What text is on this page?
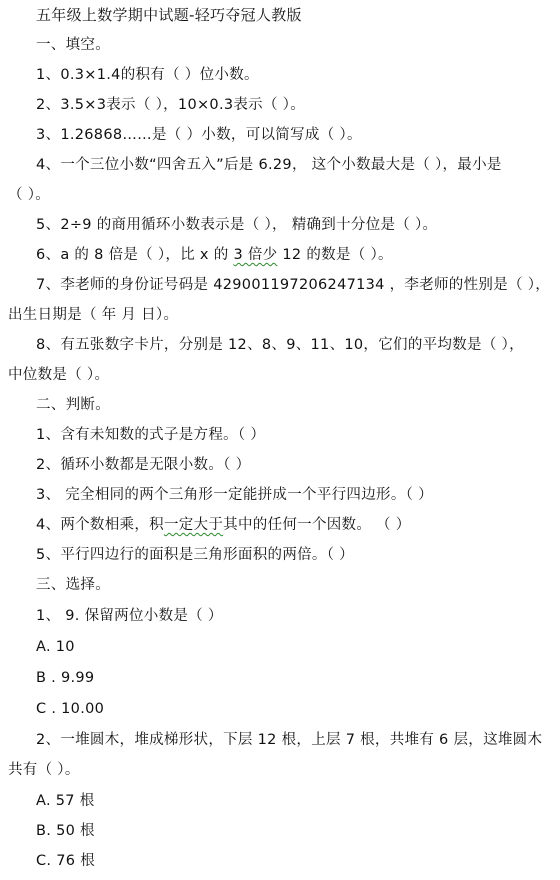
五年级上数学期中试题-轻巧夺冠人教版
一、填空。
1、0.3×1.4的积有（ ）位小数。
2、3.5×3表示（ ），10×0.3表示（ ）。
3、1.26868……是（ ）小数，可以简写成（ ）。
4、一个三位小数“四舍五入”后是 6.29， 这个小数最大是（ ），最小是
（ ）。
5、2÷9 的商用循环小数表示是（ ）， 精确到十分位是（ ）。
6、a 的 8 倍是（ ），比 x 的 3 倍少 12 的数是（ ）。
7、李老师的身份证号码是 429001197206247134 ，李老师的性别是（ ），
出生日期是（ 年 月 日）。
8、有五张数字卡片，分别是 12、8、9、11、10，它们的平均数是（ ），
中位数是（ ）。
二、判断。
1、含有未知数的式子是方程。（ ）
2、循环小数都是无限小数。（ ）
3、 完全相同的两个三角形一定能拼成一个平行四边形。（ ）
4、两个数相乘，积一定大于其中的任何一个因数。 （ ）
5、平行四边行的面积是三角形面积的两倍。（ ）
三、选择。
1、 9. 保留两位小数是（ ）
A. 10
B . 9.99
C . 10.00
2、一堆圆木，堆成梯形状，下层 12 根，上层 7 根，共堆有 6 层，这堆圆木
共有（ ）。
A. 57 根
B. 50 根
C. 76 根
